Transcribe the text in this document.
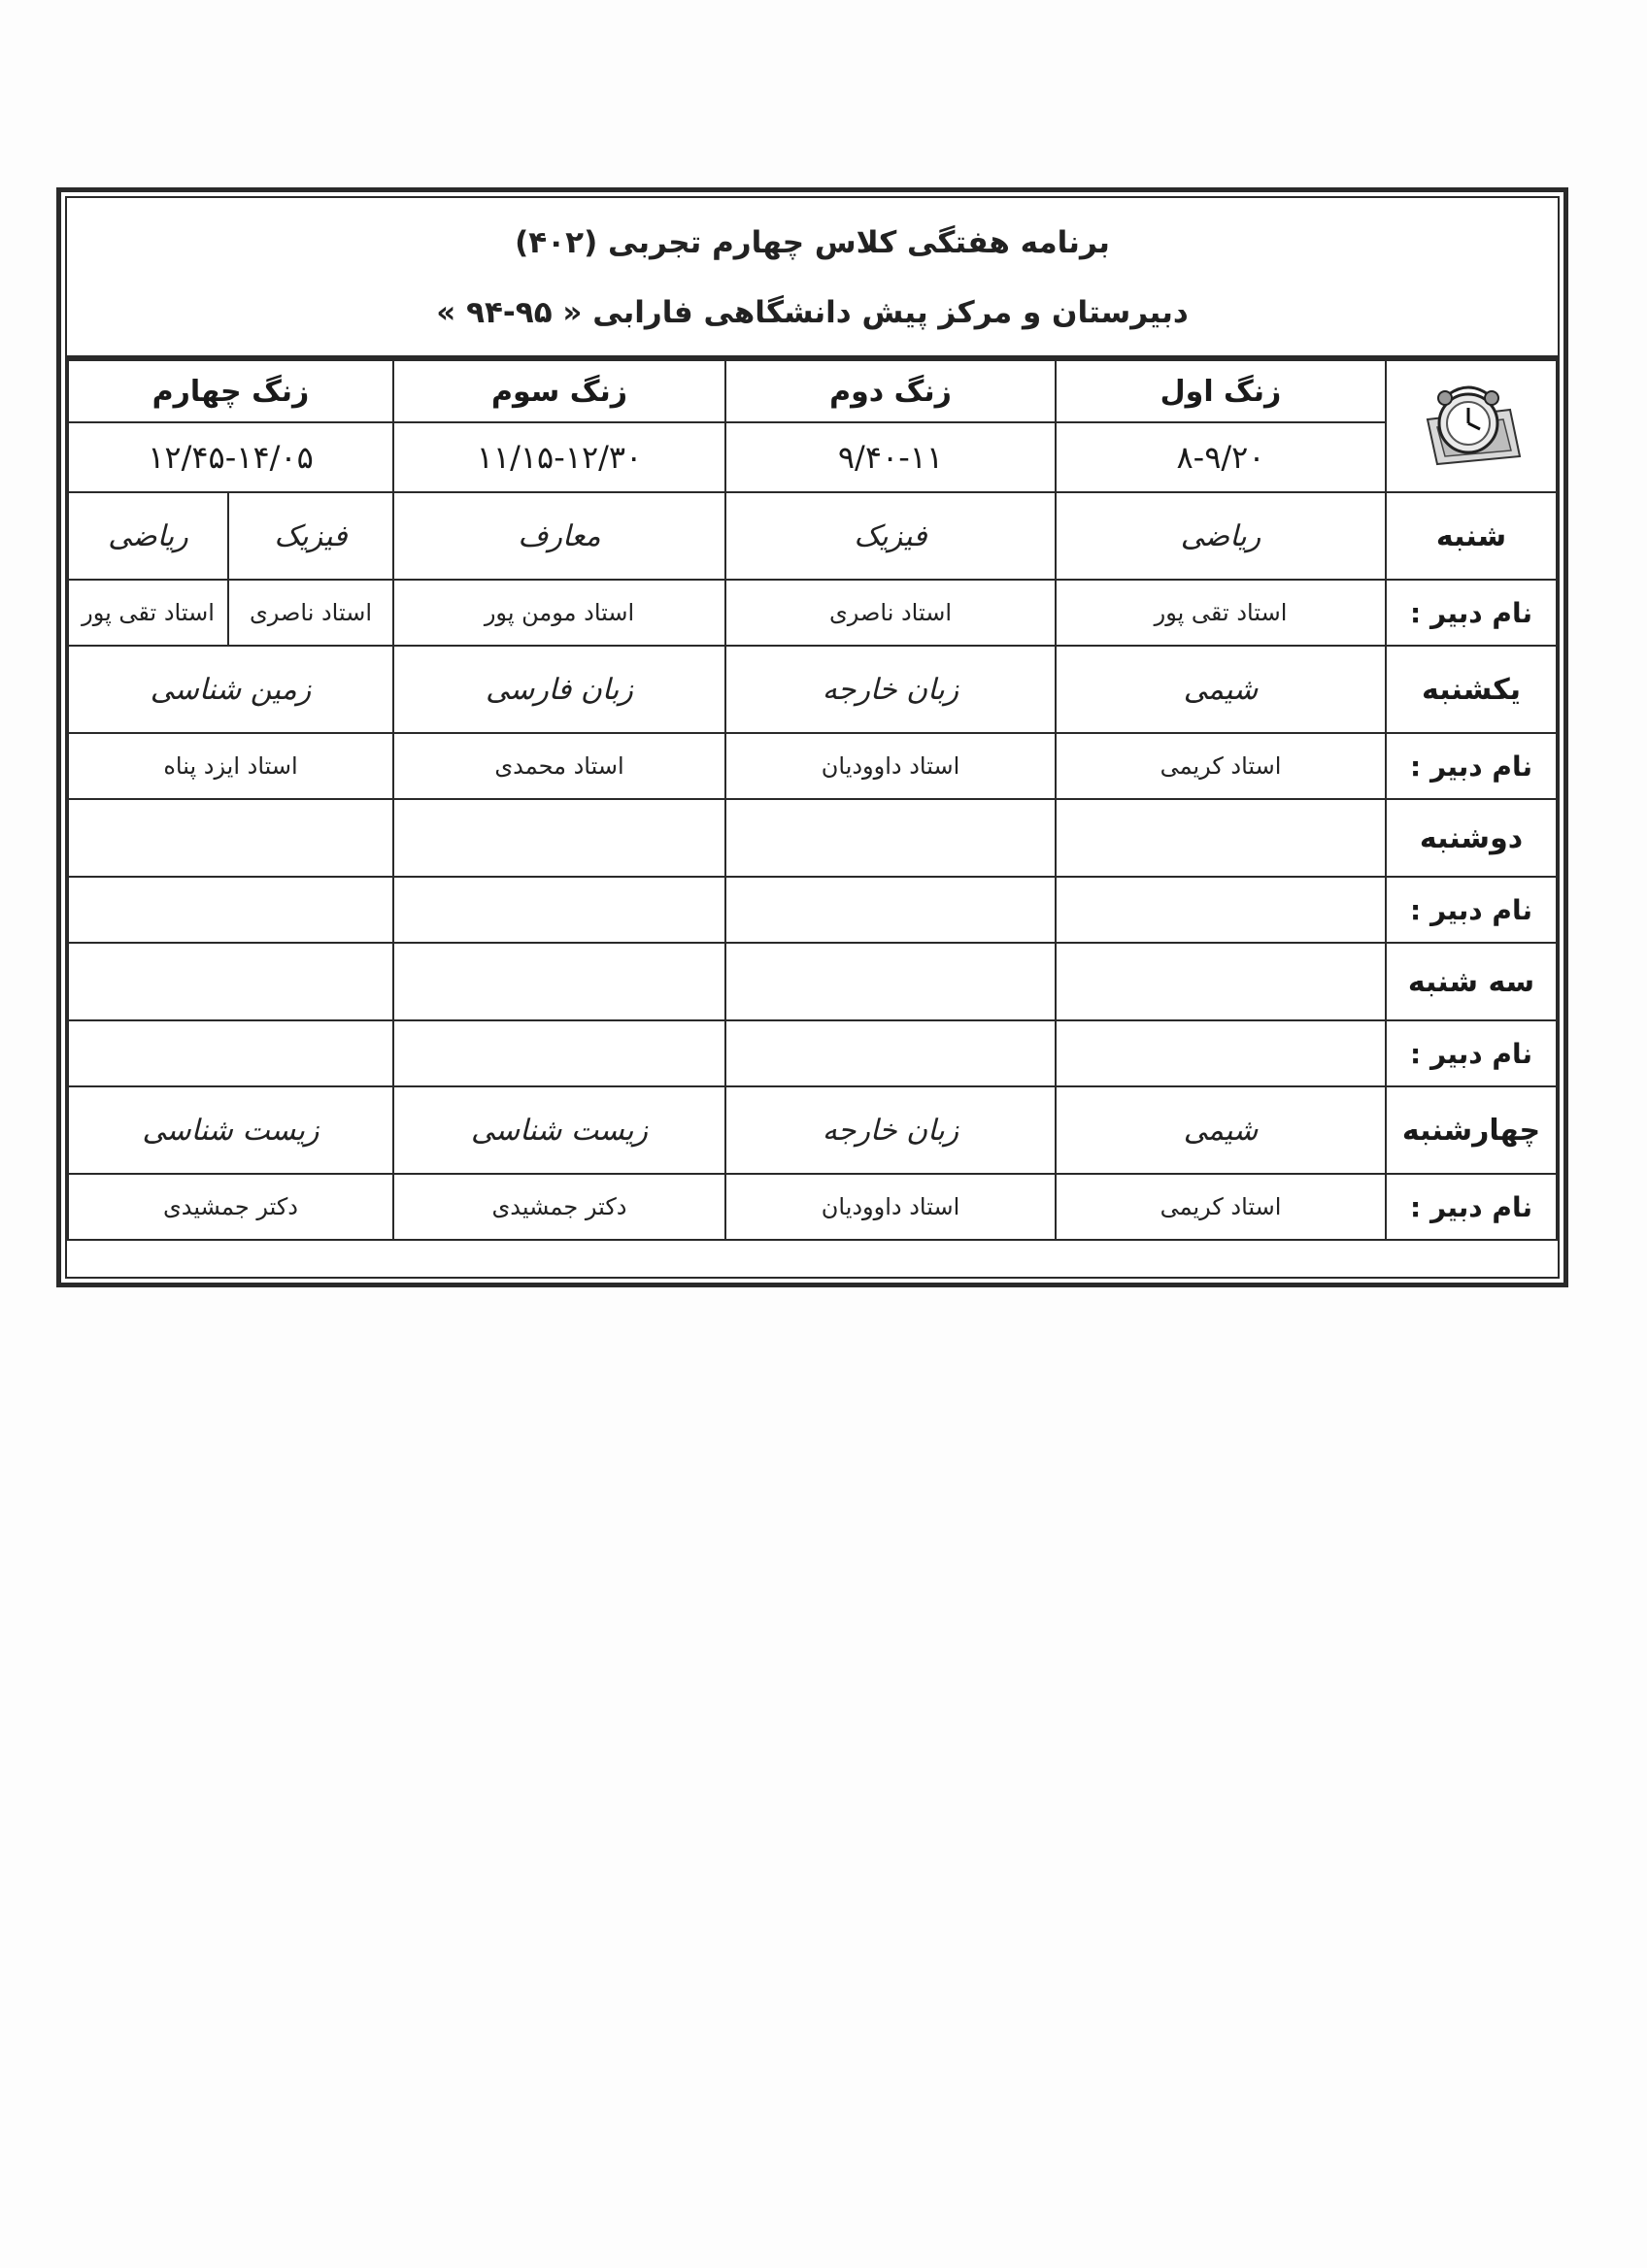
برنامه هفتگی کلاس چهارم تجربی (۴۰۲)
دبیرستان و مرکز پیش دانشگاهی فارابی « ۹۵-۹۴ »
	زنگ اول	زنگ دوم	زنگ سوم	زنگ چهارم	
	۸-۹/۲۰	۹/۴۰-۱۱	۱۱/۱۵-۱۲/۳۰	۱۲/۴۵-۱۴/۰۵	
شنبه	ریاضی	فیزیک	معارف	فیزیک	ریاضی
نام دبیر :	استاد تقی پور	استاد ناصری	استاد مومن پور	استاد ناصری	استاد تقی پور
یکشنبه	شیمی	زبان خارجه	زبان فارسی	زمین شناسی	
نام دبیر :	استاد کریمی	استاد داوودیان	استاد محمدی	استاد ایزد پناه	
دوشنبه					
نام دبیر :					
سه شنبه					
نام دبیر :					
چهارشنبه	شیمی	زبان خارجه	زیست شناسی	زیست شناسی	
نام دبیر :	استاد کریمی	استاد داوودیان	دکتر جمشیدی	دکتر جمشیدی	
